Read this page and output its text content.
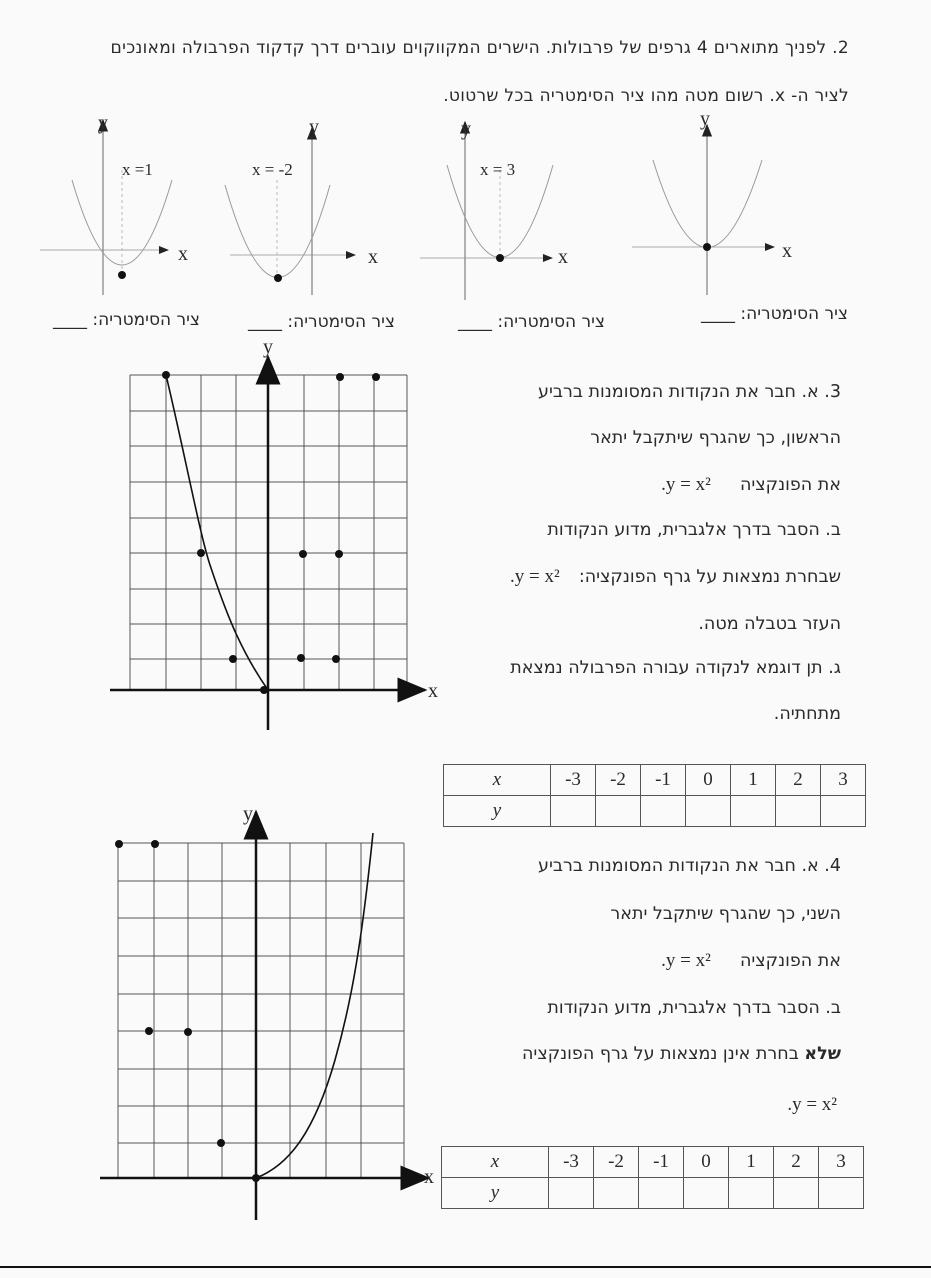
2. לפניך מתוארים 4 גרפים של פרבולות. הישרים המקווקוים עוברים דרך קדקוד הפרבולה ומאונכים
לציר ה- x. רשום מטה מהו ציר הסימטריה בכל שרטוט.
y
x
x =1
y
x
x = -2
y
x
x = 3
y
x
ציר הסימטריה: ____	ציר הסימטריה: ____	ציר הסימטריה: ____	ציר הסימטריה: ____
y
x
3. א. חבר את הנקודות המסומנות ברביע
הראשון, כך שהגרף שיתקבל יתאר
.y = x² את הפונקציה
ב. הסבר בדרך אלגברית, מדוע הנקודות
.y = x² שבחרת נמצאות על גרף הפונקציה:
העזר בטבלה מטה.
ג. תן דוגמא לנקודה עבורה הפרבולה נמצאת
מתחתיה.
x	-3	-2	-1	0	1	2	3
y							
y
x
4. א. חבר את הנקודות המסומנות ברביע
השני, כך שהגרף שיתקבל יתאר
.y = x² את הפונקציה
ב. הסבר בדרך אלגברית, מדוע הנקודות
שלא בחרת אינן נמצאות על גרף הפונקציה
.y = x²
x	-3	-2	-1	0	1	2	3
y							
